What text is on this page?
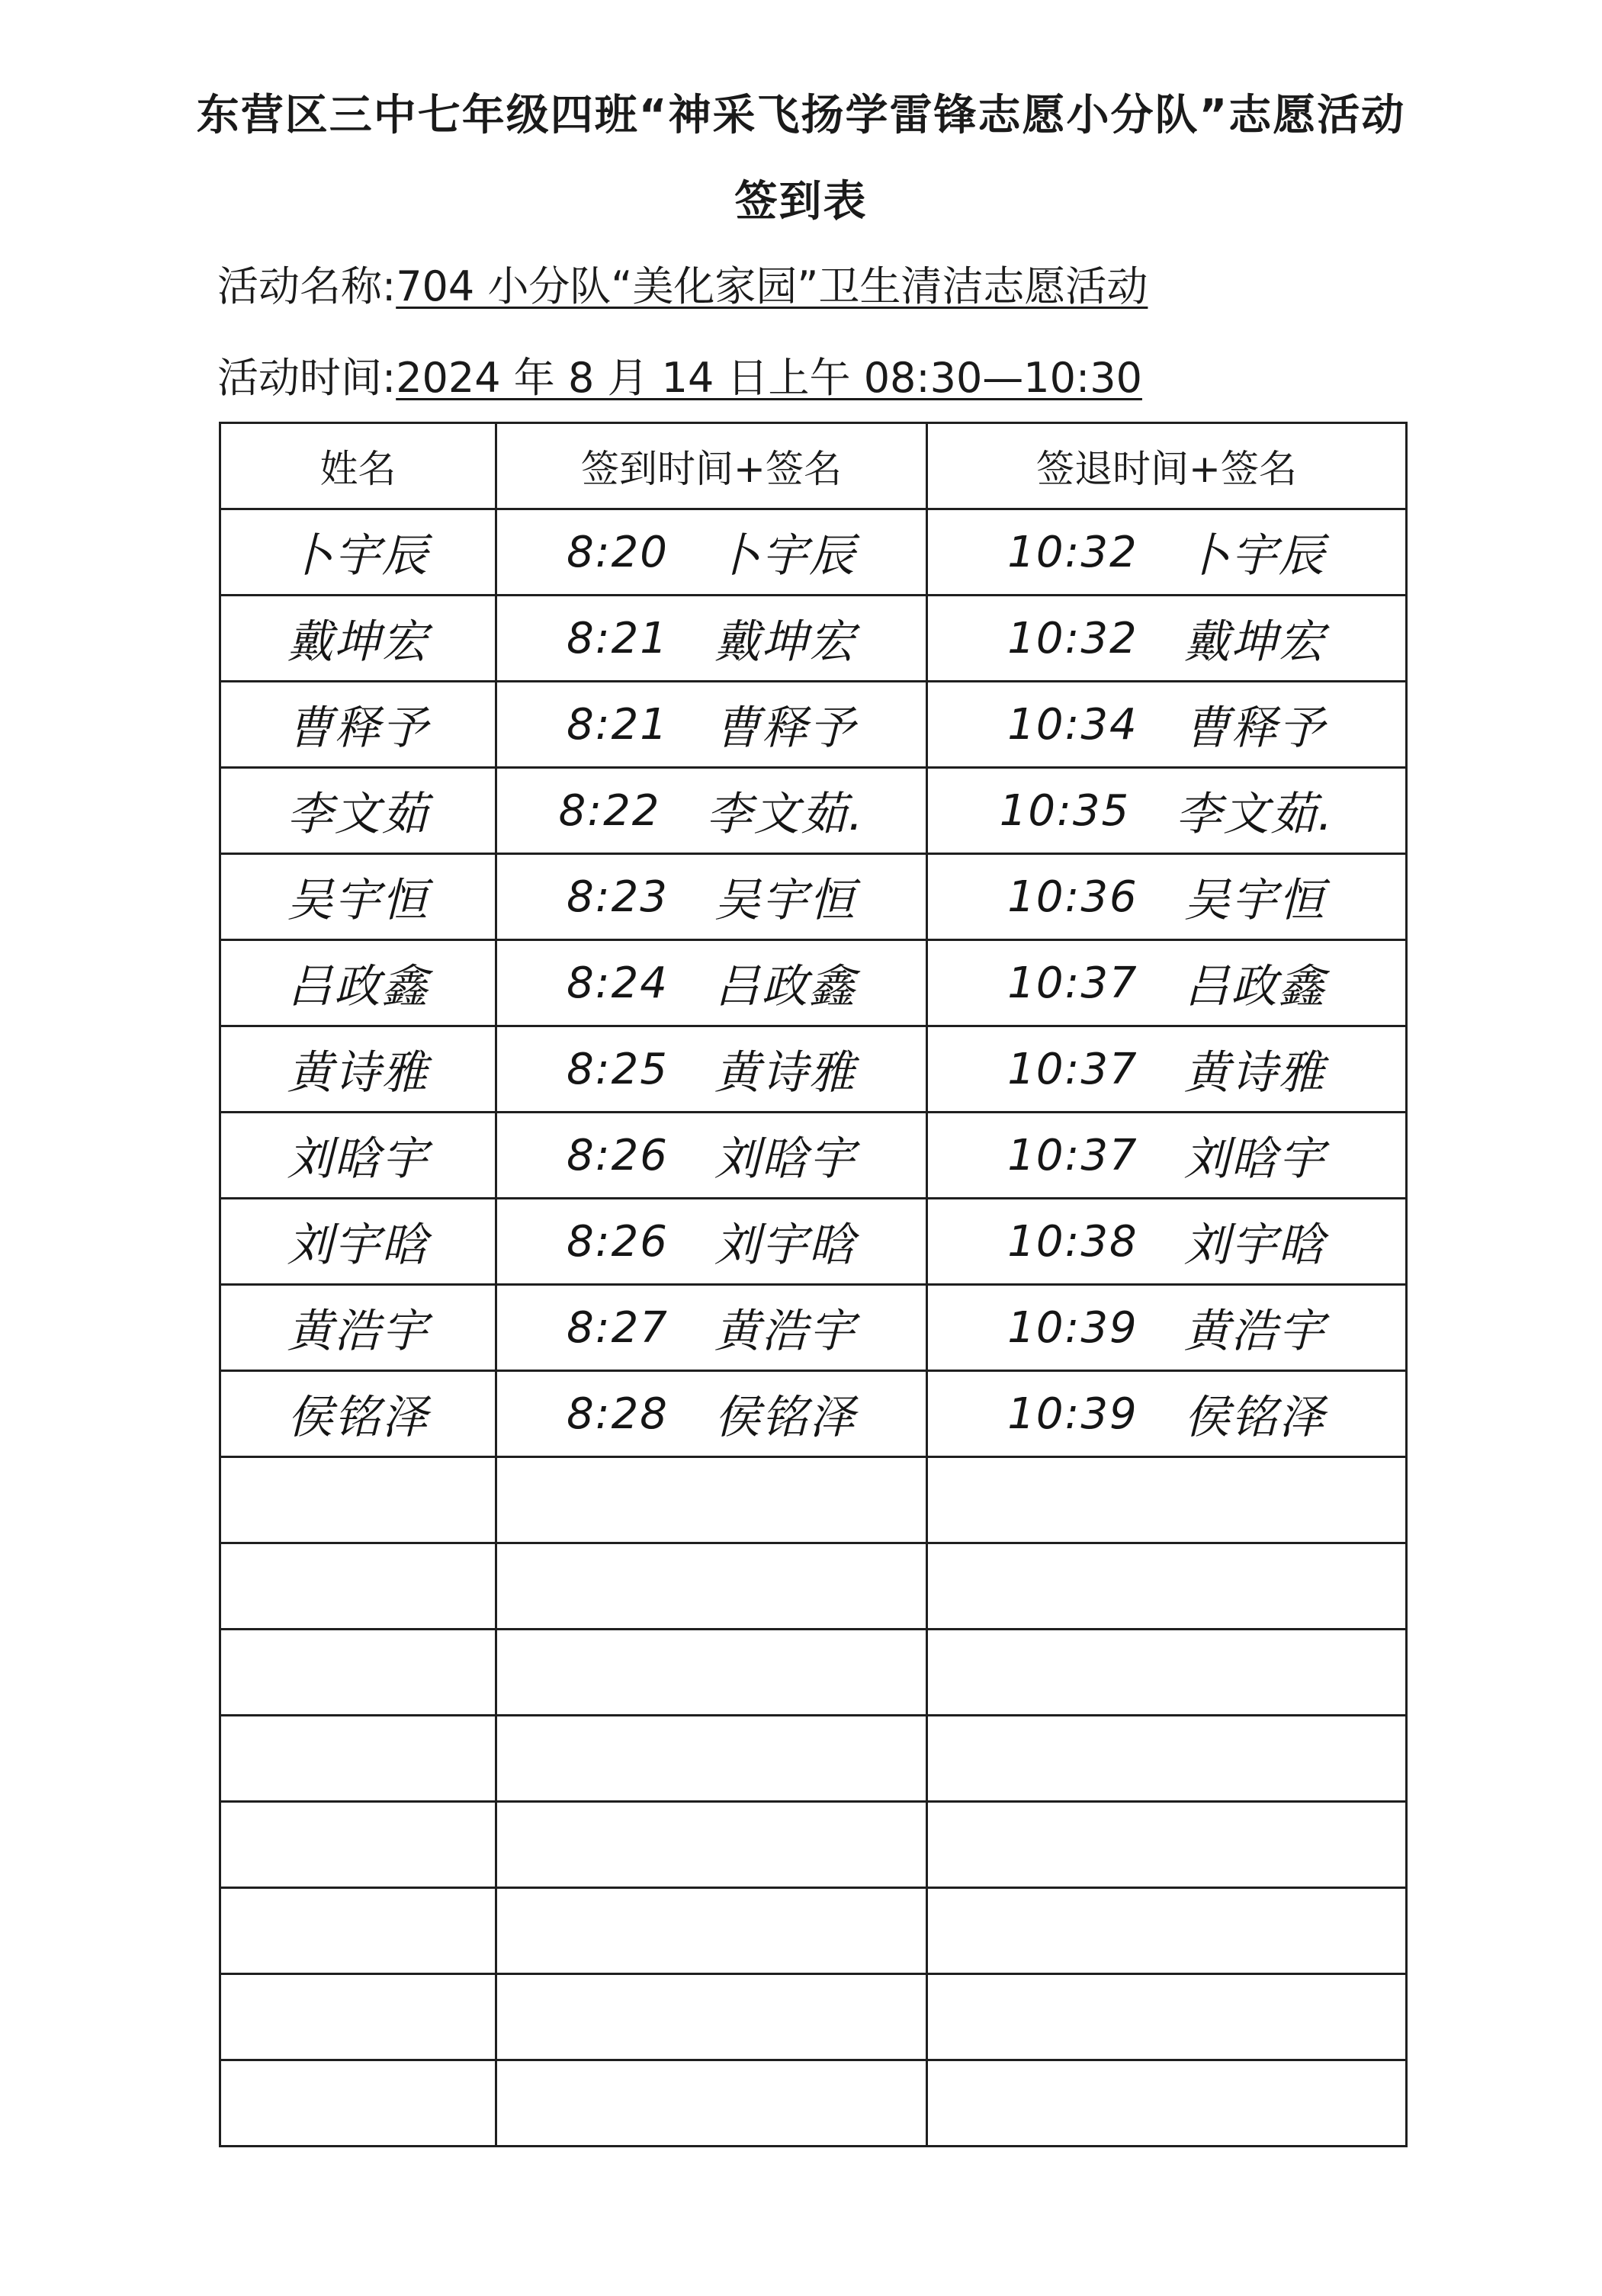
东营区三中七年级四班“神采飞扬学雷锋志愿小分队”志愿活动
签到表
活动名称:704 小分队“美化家园”卫生清洁志愿活动
活动时间:2024 年 8 月 14 日上午 08:30—10:30
姓名	签到时间+签名	签退时间+签名
卜宇辰	8:20 卜宇辰	10:32 卜宇辰

戴坤宏	8:21 戴坤宏	10:32 戴坤宏

曹释予	8:21 曹释予	10:34 曹释予

李文茹	8:22 李文茹.	10:35 李文茹.

吴宇恒	8:23 吴宇恒	10:36 吴宇恒

吕政鑫	8:24 吕政鑫	10:37 吕政鑫

黄诗雅	8:25 黄诗雅	10:37 黄诗雅

刘晗宇	8:26 刘晗宇	10:37 刘晗宇

刘宇晗	8:26 刘宇晗	10:38 刘宇晗

黄浩宇	8:27 黄浩宇	10:39 黄浩宇

侯铭泽	8:28 侯铭泽	10:39 侯铭泽
